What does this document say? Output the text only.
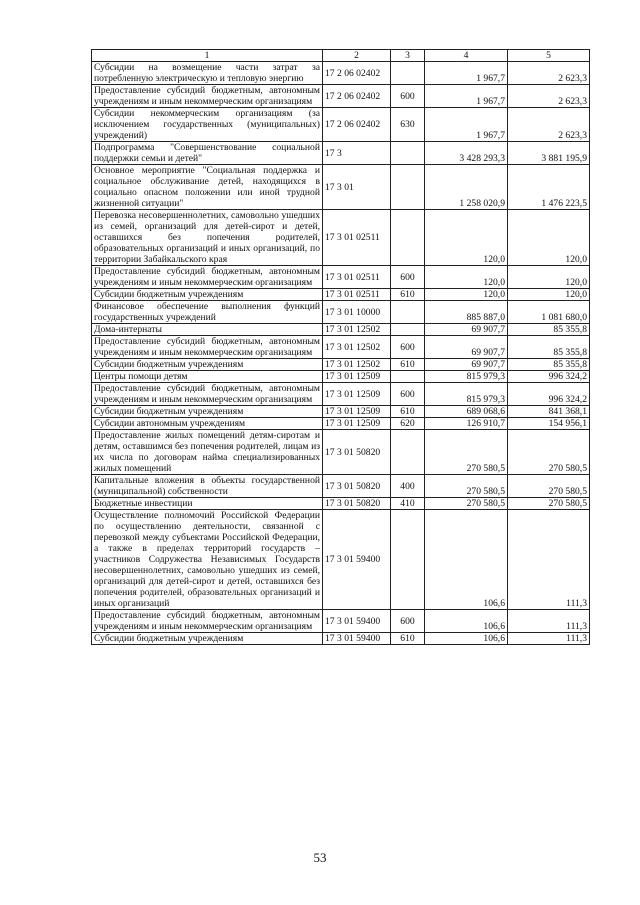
1	2	3	4	5
Субсидии на возмещение части затрат за потребленную электрическую и тепловую энергию	17 2 06 02402		1 967,7	2 623,3
Предоставление субсидий бюджетным, автономным учреждениям и иным некоммерческим организациям	17 2 06 02402	600	1 967,7	2 623,3
Субсидии некоммерческим организациям (за исключением государственных (муниципальных) учреждений)	17 2 06 02402	630	1 967,7	2 623,3
Подпрограмма "Совершенствование социальной поддержки семьи и детей"	17 3		3 428 293,3	3 881 195,9
Основное мероприятие "Социальная поддержка и социальное обслуживание детей, находящихся в социально опасном положении или иной трудной жизненной ситуации"	17 3 01		1 258 020,9	1 476 223,5
Перевозка несовершеннолетних, самовольно ушедших из семей, организаций для детей-сирот и детей, оставшихся без попечения родителей, образовательных организаций и иных организаций, по территории Забайкальского края	17 3 01 02511		120,0	120,0
Предоставление субсидий бюджетным, автономным учреждениям и иным некоммерческим организациям	17 3 01 02511	600	120,0	120,0
Субсидии бюджетным учреждениям	17 3 01 02511	610	120,0	120,0
Финансовое обеспечение выполнения функций государственных учреждений	17 3 01 10000		885 887,0	1 081 680,0
Дома-интернаты	17 3 01 12502		69 907,7	85 355,8
Предоставление субсидий бюджетным, автономным учреждениям и иным некоммерческим организациям	17 3 01 12502	600	69 907,7	85 355,8
Субсидии бюджетным учреждениям	17 3 01 12502	610	69 907,7	85 355,8
Центры помощи детям	17 3 01 12509		815 979,3	996 324,2
Предоставление субсидий бюджетным, автономным учреждениям и иным некоммерческим организациям	17 3 01 12509	600	815 979,3	996 324,2
Субсидии бюджетным учреждениям	17 3 01 12509	610	689 068,6	841 368,1
Субсидии автономным учреждениям	17 3 01 12509	620	126 910,7	154 956,1
Предоставление жилых помещений детям-сиротам и детям, оставшимся без попечения родителей, лицам из их числа по договорам найма специализированных жилых помещений	17 3 01 50820		270 580,5	270 580,5
Капитальные вложения в объекты государственной (муниципальной) собственности	17 3 01 50820	400	270 580,5	270 580,5
Бюджетные инвестиции	17 3 01 50820	410	270 580,5	270 580,5
Осуществление полномочий Российской Федерации по осуществлению деятельности, связанной с перевозкой между субъектами Российской Федерации, а также в пределах территорий государств – участников Содружества Независимых Государств несовершеннолетних, самовольно ушедших из семей, организаций для детей-сирот и детей, оставшихся без попечения родителей, образовательных организаций и иных организаций	17 3 01 59400		106,6	111,3
Предоставление субсидий бюджетным, автономным учреждениям и иным некоммерческим организациям	17 3 01 59400	600	106,6	111,3
Субсидии бюджетным учреждениям	17 3 01 59400	610	106,6	111,3
53
